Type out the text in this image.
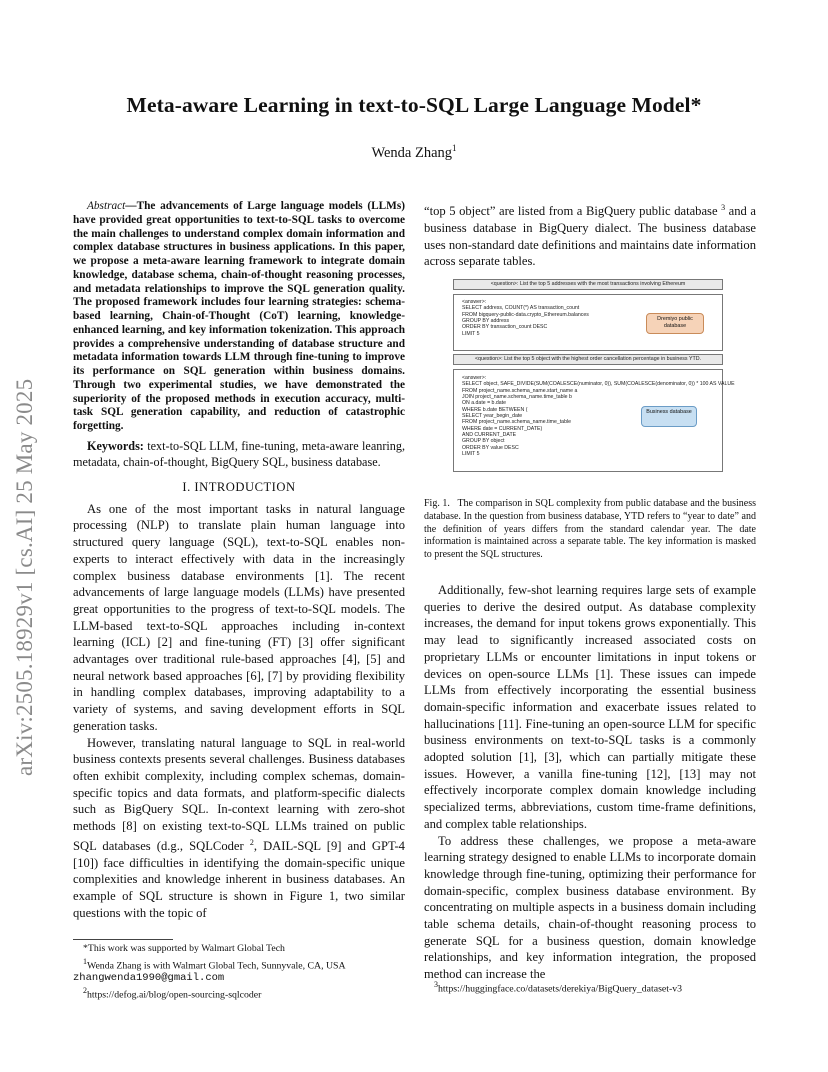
arXiv:2505.18929v1 [cs.AI] 25 May 2025
Meta-aware Learning in text-to-SQL Large Language Model*
Wenda Zhang$^1$

Abstract—The advancements of Large language models (LLMs) have provided great opportunities to text-to-SQL tasks to overcome the main challenges to understand complex domain information and complex database structures in business applications. In this paper, we propose a meta-aware learning framework to integrate domain knowledge, database schema, chain-of-thought reasoning processes, and metadata relationships to improve the SQL generation quality. The proposed framework includes four learning strategies: schema-based learning, Chain-of-Thought (CoT) learning, knowledge-enhanced learning, and key information tokenization. This approach provides a comprehensive understanding of database structure and metadata information towards LLM through fine-tuning to improve its performance on SQL generation within business domains. Through two experimental studies, we have demonstrated the superiority of the proposed methods in execution accuracy, multi-task SQL generation capability, and reduction of catastrophic forgetting.

Keywords: text-to-SQL LLM, fine-tuning, meta-aware leanring, metadata, chain-of-thought, BigQuery SQL, business database.

I. INTRODUCTION

As one of the most important tasks in natural language processing (NLP) to translate plain human language into structured query language (SQL), text-to-SQL enables non-experts to interact effectively with data in the increasingly complex business database environments [1]. The recent advancements of large language models (LLMs) have presented great opportunities to the progress of text-to-SQL models. The LLM-based text-to-SQL approaches including in-context learning (ICL) [2] and fine-tuning (FT) [3] offer significant advantages over traditional rule-based approaches [4], [5] and neural network based approaches [6], [7] by providing flexibility in handling complex databases, improving adaptability to a variety of systems, and saving development efforts in SQL generation tasks.

However, translating natural language to SQL in real-world business contexts presents several challenges. Business databases often exhibit complexity, including complex schemas, domain-specific topics and data formats, and platform-specific dialects such as BigQuery SQL. In-context learning with zero-shot methods [8] on existing text-to-SQL LLMs trained on public SQL databases (d.g., SQLCoder $^2$, DAIL-SQL [9] and GPT-4 [10]) face difficulties in identifying the domain-specific unique complexities and knowledge inherent in business databases. An example of SQL structure is shown in Figure 1, two similar questions with the topic of

*This work was supported by Walmart Global Tech

$^1$Wenda Zhang is with Walmart Global Tech, Sunnyvale, CA, USA
zhangwenda1990@gmail.com

$^2$https://defog.ai/blog/open-sourcing-sqlcoder

“top 5 object” are listed from a BigQuery public database $^3$ and a business database in BigQuery dialect. The business database uses non-standard date definitions and maintains date information across separate tables.

<question>: List the top 5 addresses with the most transactions involving Ethereum
<answer>:
SELECT address, COUNT(*) AS transaction_count
FROM bigquery-public-data.crypto_Ethereum.balances
GROUP BY address
ORDER BY transaction_count DESC
LIMIT 5
Dremiyo public database
<question>: List the top 5 object with the highest order cancellation percentage in business YTD.
<answer>:
SELECT object, SAFE_DIVIDE(SUM(COALESCE(numinator, 0)), SUM(COALESCE(denominator, 0)) * 100 AS VALUE
FROM project_name.schema_name.start_name a
JOIN project_name.schema_name.time_table b
ON a.date = b.date
WHERE b.date BETWEEN (
SELECT year_begin_date
FROM project_name.schema_name.time_table
WHERE date = CURRENT_DATE)
AND CURRENT_DATE
GROUP BY object
ORDER BY value DESC
LIMIT 5
Business database

Fig. 1. The comparison in SQL complexity from public database and the business database. In the question from business database, YTD refers to “year to date” and the definition of years differs from the standard calendar year. The date information is maintained across a separate table. The key information is masked to present the SQL structures.

Additionally, few-shot learning requires large sets of example queries to derive the desired output. As database complexity increases, the demand for input tokens grows exponentially. This may lead to significantly increased associated costs on proprietary LLMs or encounter limitations in input tokens or devices on open-source LLMs [1]. These issues can impede LLMs from effectively incorporating the essential business domain-specific information and exacerbate issues related to hallucinations [11]. Fine-tuning an open-source LLM for specific business environments on text-to-SQL tasks is a commonly adopted solution [1], [3], which can partially mitigate these issues. However, a vanilla fine-tuning [12], [13] may not effectively incorporate complex domain knowledge including specialized terms, abbreviations, custom time-frame definitions, and complex table relationships.

To address these challenges, we propose a meta-aware learning strategy designed to enable LLMs to incorporate domain knowledge through fine-tuning, optimizing their performance for domain-specific, complex business database environment. By concentrating on multiple aspects in a business domain including table schema details, chain-of-thought reasoning process to generate SQL for a business question, domain knowledge relationships, and key information integration, the proposed method can increase the

$^3$https://huggingface.co/datasets/derekiya/BigQuery_dataset-v3
